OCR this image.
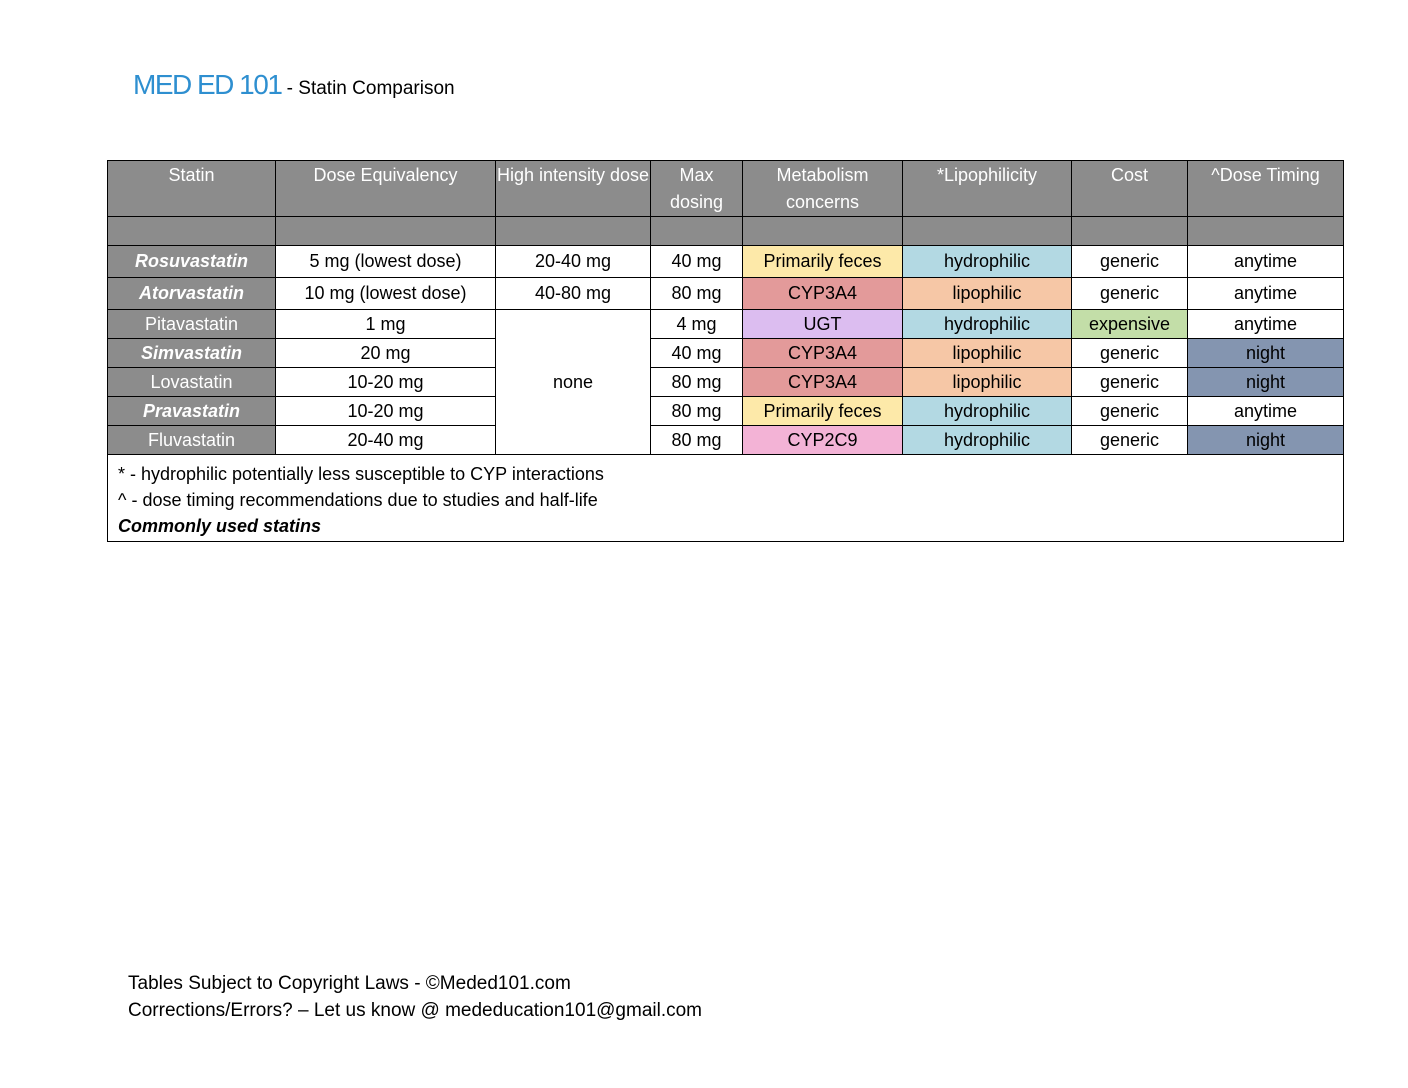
MED ED 101 - Statin Comparison
Statin	Dose Equivalency	High intensity dose	Max dosing	Metabolism concerns	*Lipophilicity	Cost	^Dose Timing

Rosuvastatin	5 mg (lowest dose)	20-40 mg	40 mg	Primarily feces	hydrophilic	generic	anytime
Atorvastatin	10 mg (lowest dose)	40-80 mg	80 mg	CYP3A4	lipophilic	generic	anytime
Pitavastatin	1 mg	none	4 mg	UGT	hydrophilic	expensive	anytime
Simvastatin	20 mg		40 mg	CYP3A4	lipophilic	generic	night
Lovastatin	10-20 mg		80 mg	CYP3A4	lipophilic	generic	night
Pravastatin	10-20 mg		80 mg	Primarily feces	hydrophilic	generic	anytime
Fluvastatin	20-40 mg		80 mg	CYP2C9	hydrophilic	generic	night

* - hydrophilic potentially less susceptible to CYP interactions
^ - dose timing recommendations due to studies and half-life
Commonly used statins							
Tables Subject to Copyright Laws - ©Meded101.com
Corrections/Errors? – Let us know @ mededucation101@gmail.com
